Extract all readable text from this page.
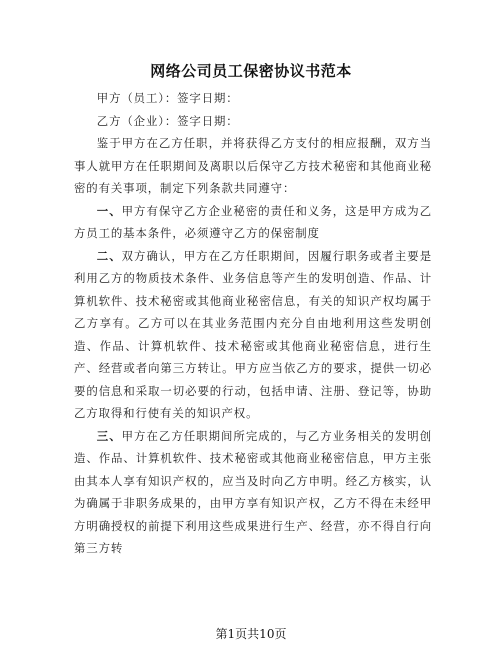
网络公司员工保密协议书范本

甲方（员工）：签字日期：

乙方（企业）：签字日期：

鉴于甲方在乙方任职，并将获得乙方支付的相应报酬，双方当事人就甲方在任职期间及离职以后保守乙方技术秘密和其他商业秘密的有关事项，制定下列条款共同遵守：

一、甲方有保守乙方企业秘密的责任和义务，这是甲方成为乙方员工的基本条件，必须遵守乙方的保密制度

二、双方确认，甲方在乙方任职期间，因履行职务或者主要是利用乙方的物质技术条件、业务信息等产生的发明创造、作品、计算机软件、技术秘密或其他商业秘密信息，有关的知识产权均属于乙方享有。乙方可以在其业务范围内充分自由地利用这些发明创造、作品、计算机软件、技术秘密或其他商业秘密信息，进行生产、经营或者向第三方转让。甲方应当依乙方的要求，提供一切必要的信息和采取一切必要的行动，包括申请、注册、登记等，协助乙方取得和行使有关的知识产权。

三、甲方在乙方任职期间所完成的，与乙方业务相关的发明创造、作品、计算机软件、技术秘密或其他商业秘密信息，甲方主张由其本人享有知识产权的，应当及时向乙方申明。经乙方核实，认为确属于非职务成果的，由甲方享有知识产权，乙方不得在未经甲方明确授权的前提下利用这些成果进行生产、经营，亦不得自行向第三方转

第1页共10页
